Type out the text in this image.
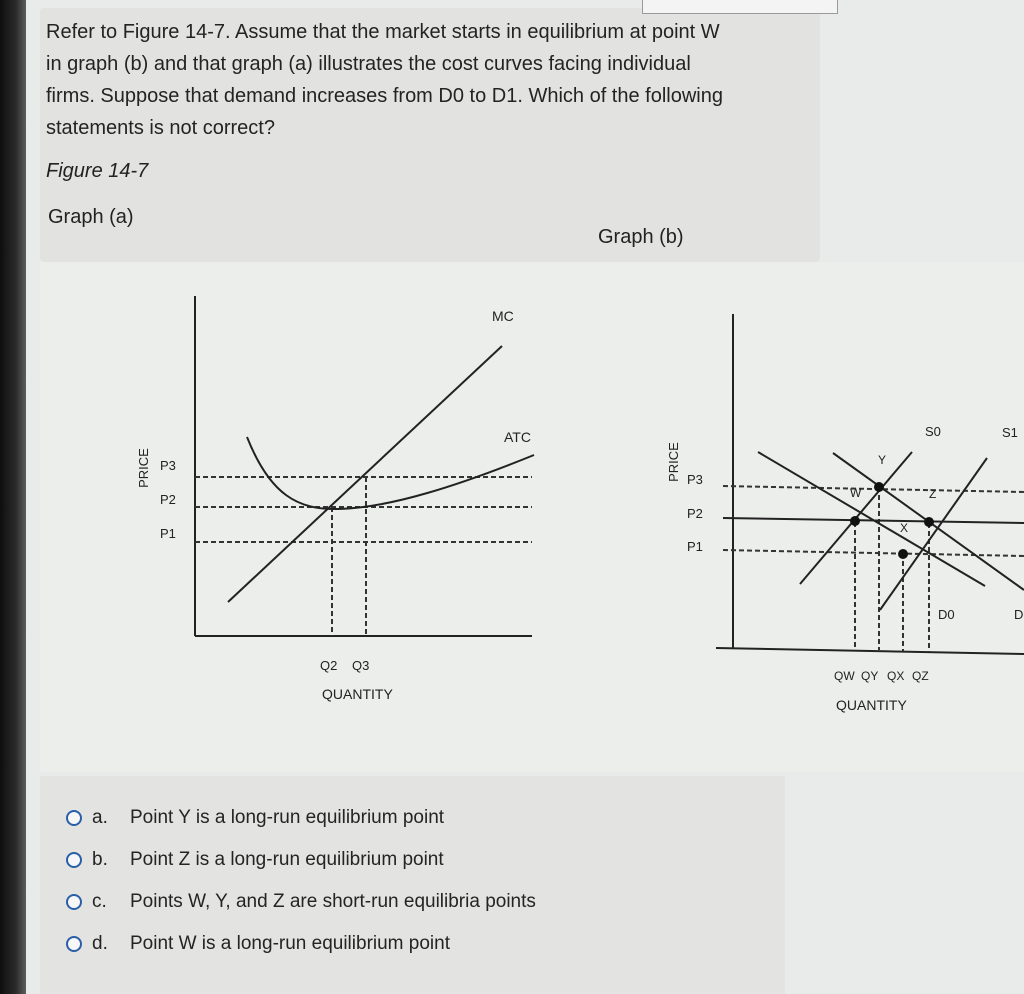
Refer to Figure 14-7. Assume that the market starts in equilibrium at point W
in graph (b) and that graph (a) illustrates the cost curves facing individual
firms. Suppose that demand increases from D0 to D1. Which of the following
statements is not correct?
Figure 14-7
Graph (a)
Graph (b)
PRICE P3
P2
P1
MC
ATC
Q2 Q3
QUANTITY
PRICE P3
P2
P1
W
Y
X
Z
S0	S1
D0	D
QW QY QX QZ
QUANTITY
a.	Point Y is a long-run equilibrium point
b.	Point Z is a long-run equilibrium point
c.	Points W, Y, and Z are short-run equilibria points
d.	Point W is a long-run equilibrium point
